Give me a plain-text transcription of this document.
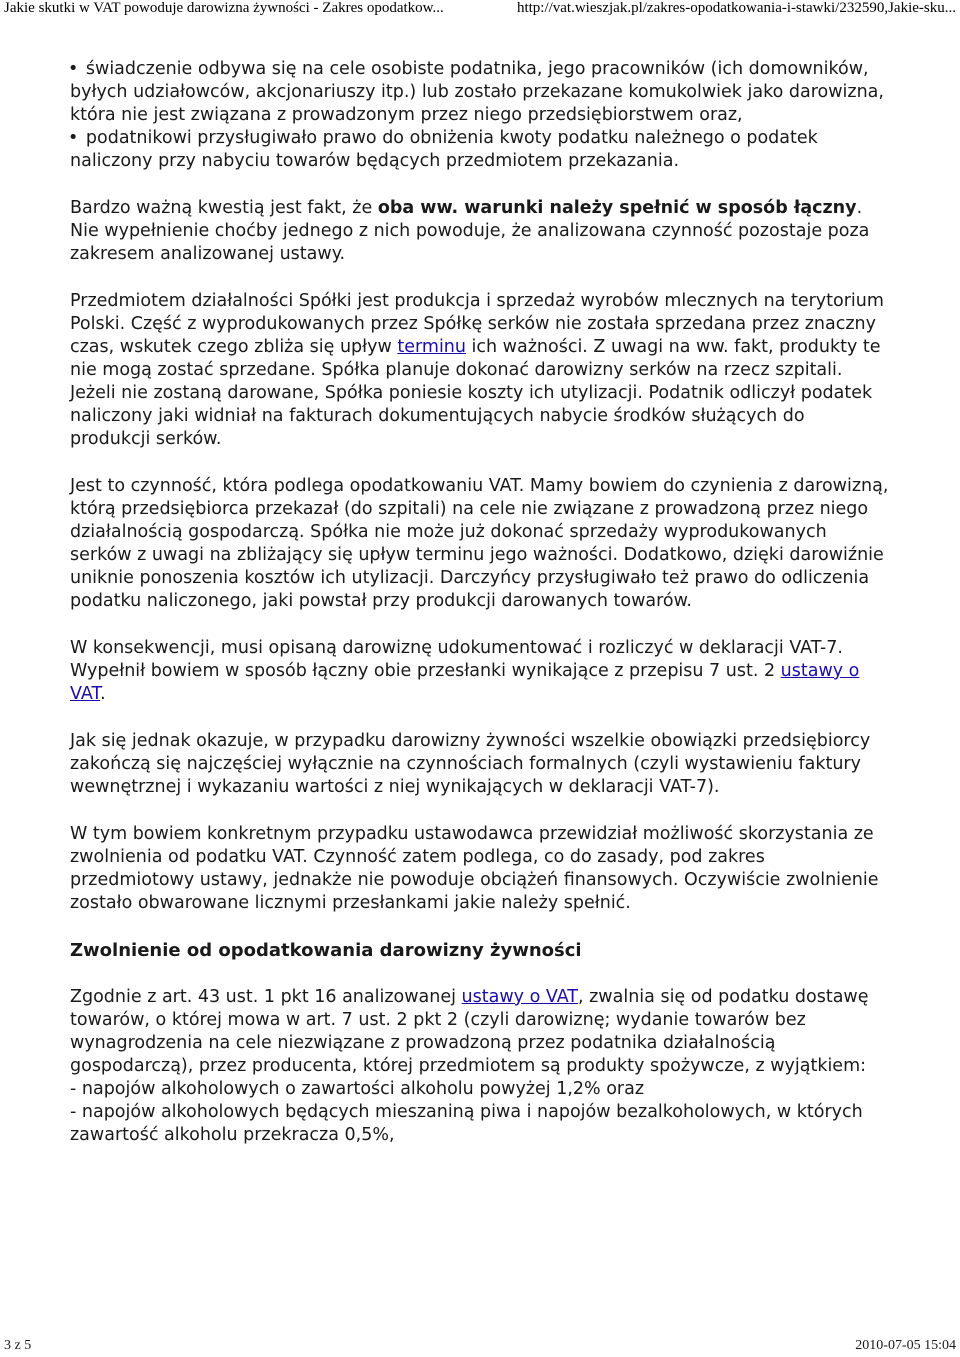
Jakie skutki w VAT powoduje darowizna żywności - Zakres opodatkow...	http://vat.wieszjak.pl/zakres-opodatkowania-i-stawki/232590,Jakie-sku...
• świadczenie odbywa się na cele osobiste podatnika, jego pracowników (ich domowników, byłych udziałowców, akcjonariuszy itp.) lub zostało przekazane komukolwiek jako darowizna, która nie jest związana z prowadzonym przez niego przedsiębiorstwem oraz,
• podatnikowi przysługiwało prawo do obniżenia kwoty podatku należnego o podatek naliczony przy nabyciu towarów będących przedmiotem przekazania.

Bardzo ważną kwestią jest fakt, że oba ww. warunki należy spełnić w sposób łączny. Nie wypełnienie choćby jednego z nich powoduje, że analizowana czynność pozostaje poza zakresem analizowanej ustawy.

Przedmiotem działalności Spółki jest produkcja i sprzedaż wyrobów mlecznych na terytorium Polski. Część z wyprodukowanych przez Spółkę serków nie została sprzedana przez znaczny czas, wskutek czego zbliża się upływ terminu ich ważności. Z uwagi na ww. fakt, produkty te nie mogą zostać sprzedane. Spółka planuje dokonać darowizny serków na rzecz szpitali. Jeżeli nie zostaną darowane, Spółka poniesie koszty ich utylizacji. Podatnik odliczył podatek naliczony jaki widniał na fakturach dokumentujących nabycie środków służących do produkcji serków.

Jest to czynność, która podlega opodatkowaniu VAT. Mamy bowiem do czynienia z darowizną, którą przedsiębiorca przekazał (do szpitali) na cele nie związane z prowadzoną przez niego działalnością gospodarczą. Spółka nie może już dokonać sprzedaży wyprodukowanych serków z uwagi na zbliżający się upływ terminu jego ważności. Dodatkowo, dzięki darowiźnie uniknie ponoszenia kosztów ich utylizacji. Darczyńcy przysługiwało też prawo do odliczenia podatku naliczonego, jaki powstał przy produkcji darowanych towarów.

W konsekwencji, musi opisaną darowiznę udokumentować i rozliczyć w deklaracji VAT-7. Wypełnił bowiem w sposób łączny obie przesłanki wynikające z przepisu 7 ust. 2 ustawy o VAT.

Jak się jednak okazuje, w przypadku darowizny żywności wszelkie obowiązki przedsiębiorcy zakończą się najczęściej wyłącznie na czynnościach formalnych (czyli wystawieniu faktury wewnętrznej i wykazaniu wartości z niej wynikających w deklaracji VAT-7).

W tym bowiem konkretnym przypadku ustawodawca przewidział możliwość skorzystania ze zwolnienia od podatku VAT. Czynność zatem podlega, co do zasady, pod zakres przedmiotowy ustawy, jednakże nie powoduje obciążeń finansowych. Oczywiście zwolnienie zostało obwarowane licznymi przesłankami jakie należy spełnić.

Zwolnienie od opodatkowania darowizny żywności

Zgodnie z art. 43 ust. 1 pkt 16 analizowanej ustawy o VAT, zwalnia się od podatku dostawę towarów, o której mowa w art. 7 ust. 2 pkt 2 (czyli darowiznę; wydanie towarów bez wynagrodzenia na cele niezwiązane z prowadzoną przez podatnika działalnością gospodarczą), przez producenta, której przedmiotem są produkty spożywcze, z wyjątkiem:
- napojów alkoholowych o zawartości alkoholu powyżej 1,2% oraz
- napojów alkoholowych będących mieszaniną piwa i napojów bezalkoholowych, w których zawartość alkoholu przekracza 0,5%,

3 z 5	2010-07-05 15:04
